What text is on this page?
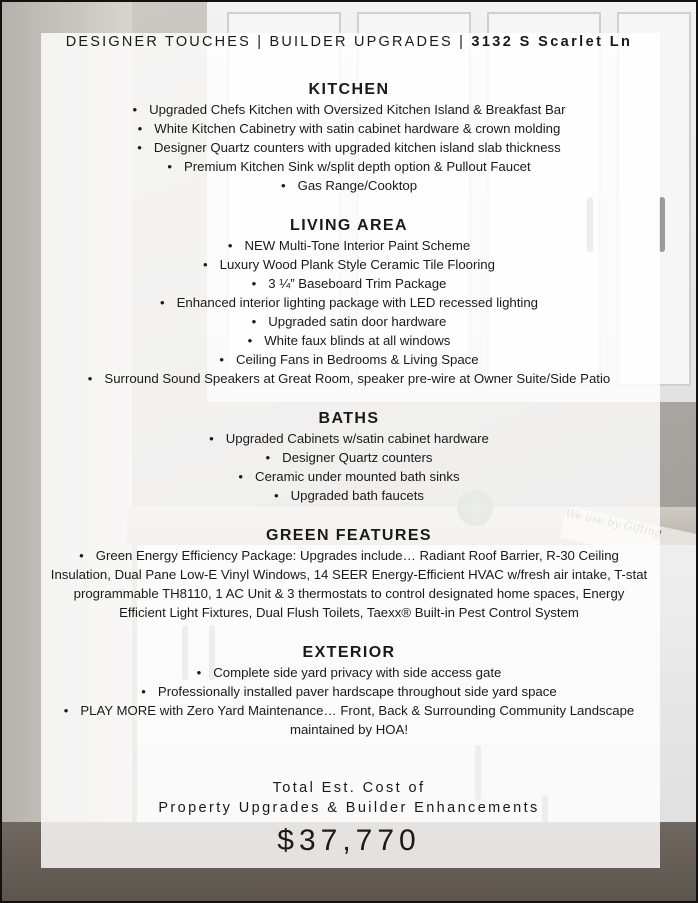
DESIGNER TOUCHES | BUILDER UPGRADES | 3132 S Scarlet Ln
KITCHEN
• Upgraded Chefs Kitchen with Oversized Kitchen Island & Breakfast Bar
• White Kitchen Cabinetry with satin cabinet hardware & crown molding
• Designer Quartz counters with upgraded kitchen island slab thickness
• Premium Kitchen Sink w/split depth option & Pullout Faucet
• Gas Range/Cooktop
LIVING AREA
• NEW Multi-Tone Interior Paint Scheme
• Luxury Wood Plank Style Ceramic Tile Flooring
• 3 ¼” Baseboard Trim Package
• Enhanced interior lighting package with LED recessed lighting
• Upgraded satin door hardware
• White faux blinds at all windows
• Ceiling Fans in Bedrooms & Living Space
• Surround Sound Speakers at Great Room, speaker pre-wire at Owner Suite/Side Patio
BATHS
• Upgraded Cabinets w/satin cabinet hardware
• Designer Quartz counters
• Ceramic under mounted bath sinks
• Upgraded bath faucets
GREEN FEATURES
• Green Energy Efficiency Package: Upgrades include… Radiant Roof Barrier, R-30 Ceiling Insulation, Dual Pane Low-E Vinyl Windows, 14 SEER Energy-Efficient HVAC w/fresh air intake, T-stat programmable TH8110, 1 AC Unit & 3 thermostats to control designated home spaces, Energy Efficient Light Fixtures, Dual Flush Toilets, Taexx® Built-in Pest Control System
EXTERIOR
• Complete side yard privacy with side access gate
• Professionally installed paver hardscape throughout side yard space
• PLAY MORE with Zero Yard Maintenance… Front, Back & Surrounding Community Landscape maintained by HOA!
Total Est. Cost of
Property Upgrades & Builder Enhancements
$37,770
